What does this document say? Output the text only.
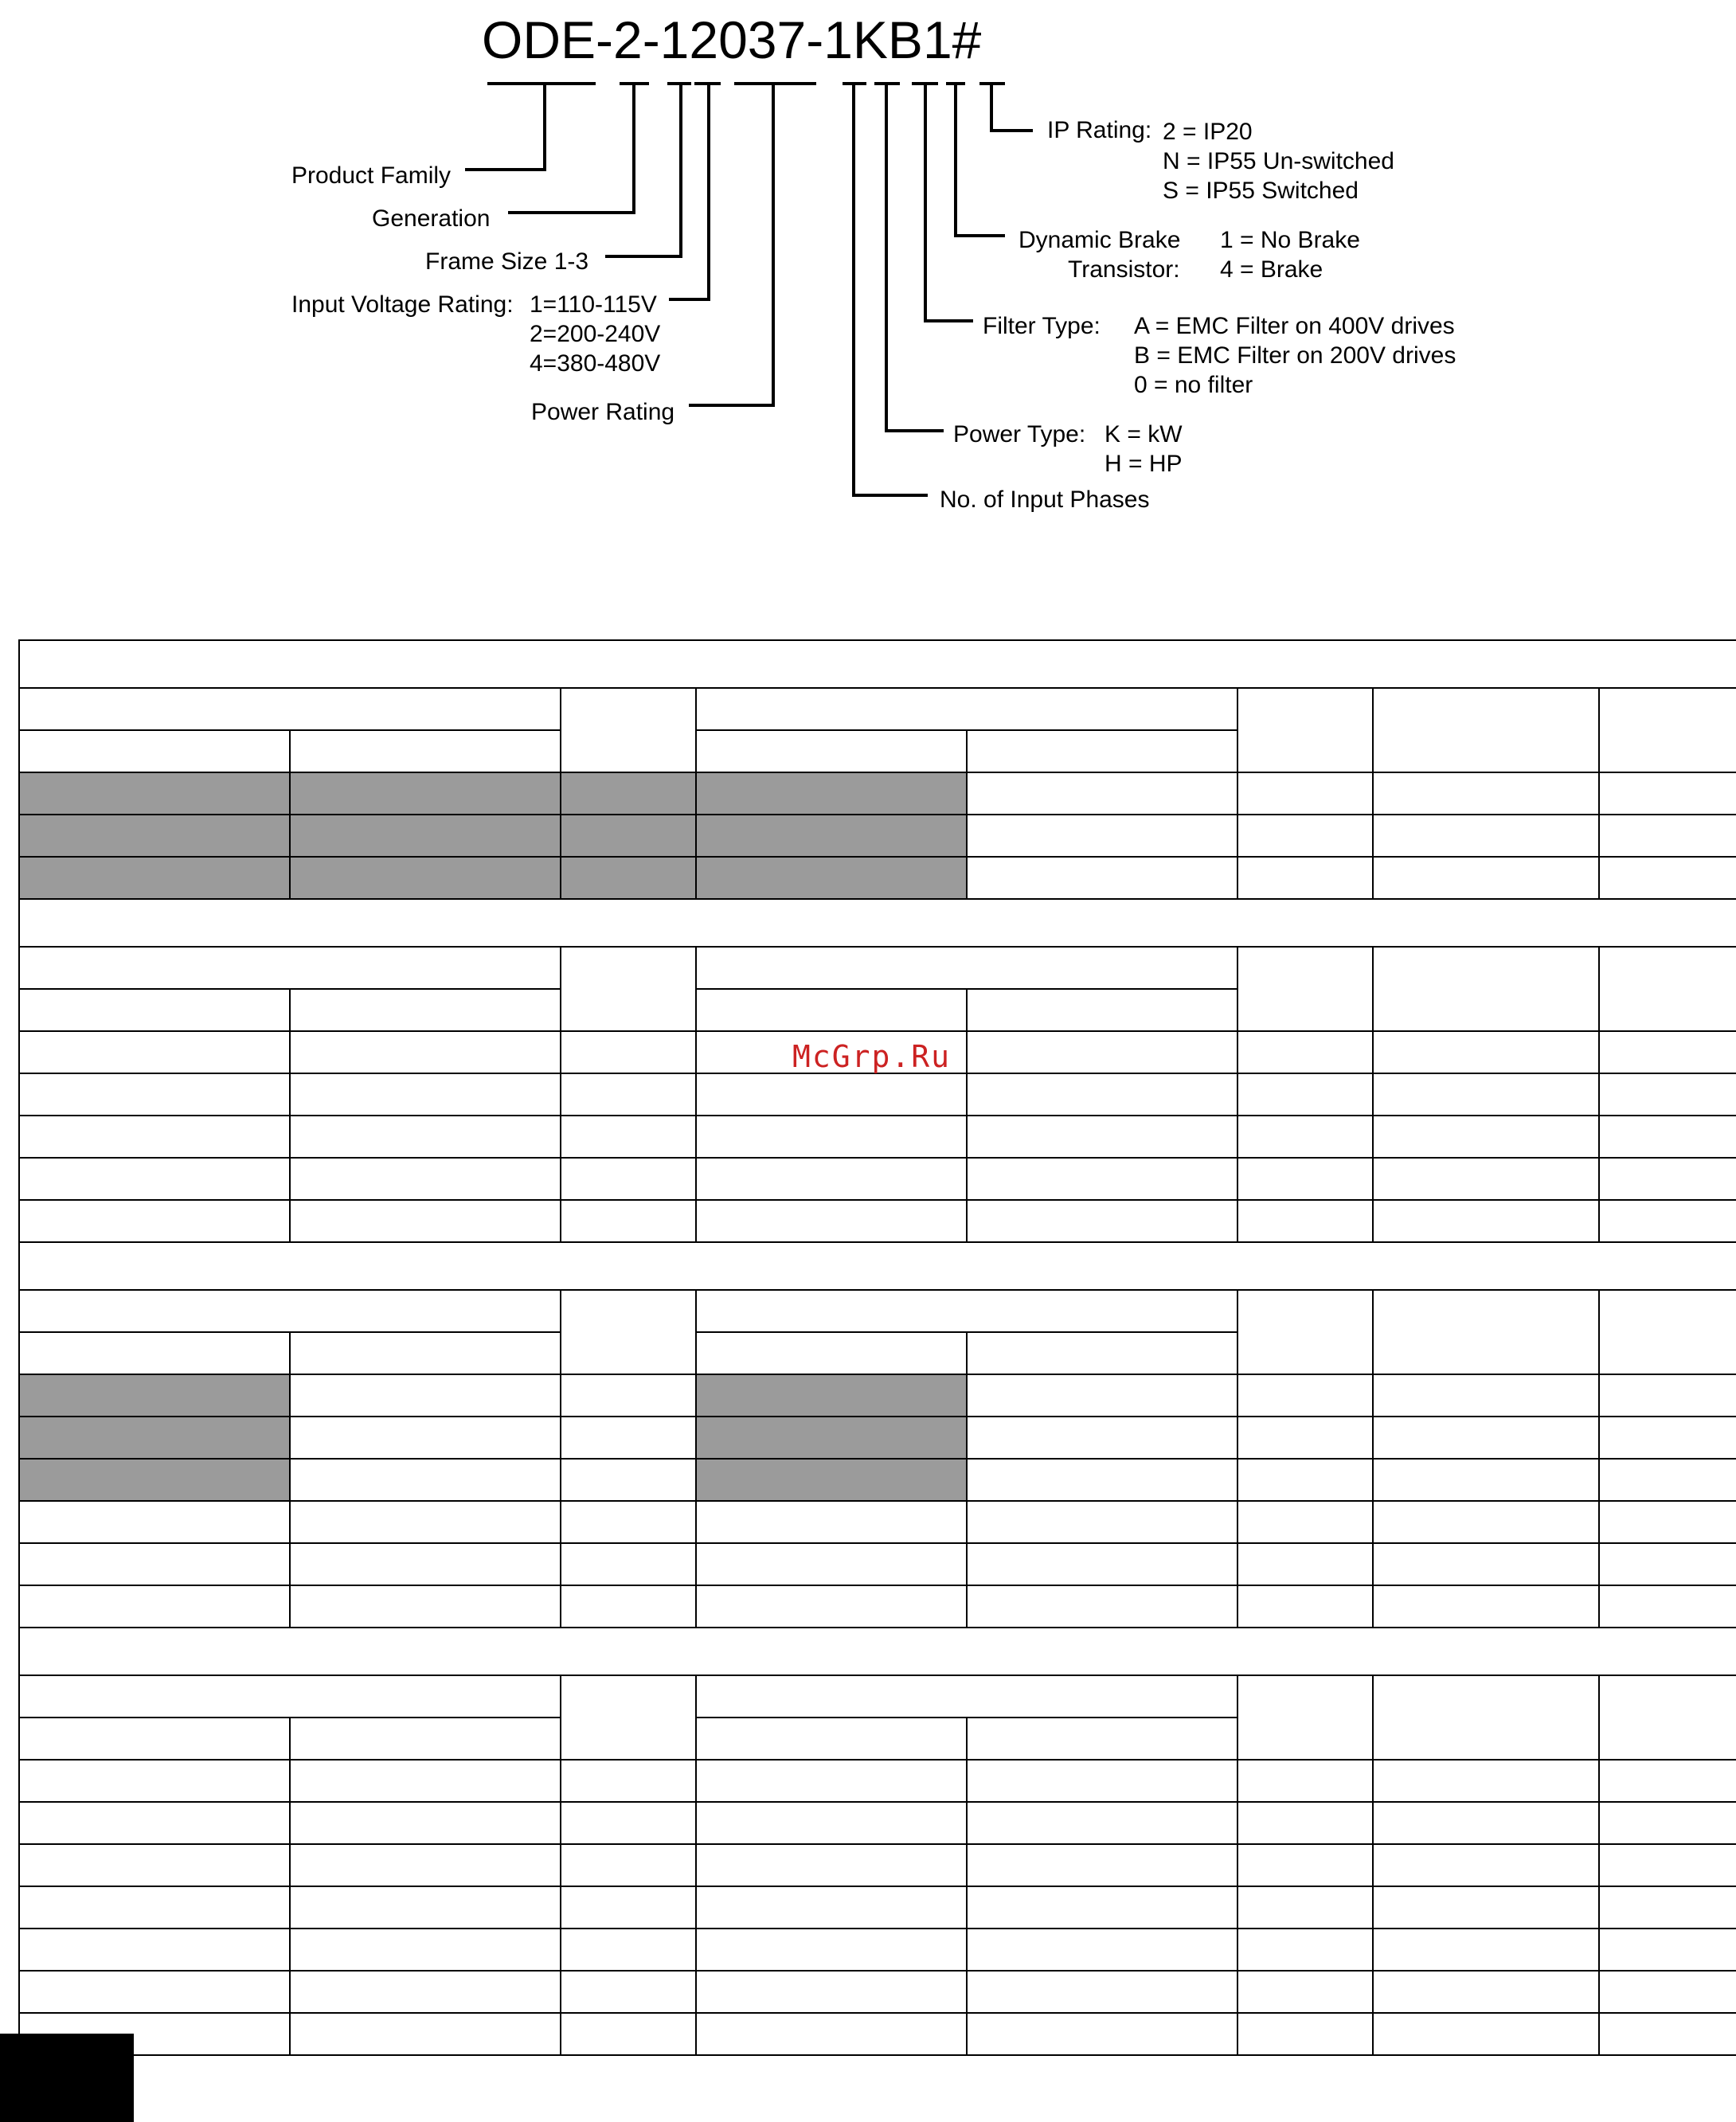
ODE-2-12037-1KB1#
Product Family
Generation
Frame Size 1-3
Input Voltage Rating: 1=110-115V
2=200-240V
4=380-480V
Power Rating
IP Rating: 2 = IP20
N = IP55 Un-switched
S = IP55 Switched
Dynamic Brake
Transistor:
1 = No Brake
4 = Brake
Filter Type: A = EMC Filter on 400V drives
B = EMC Filter on 200V drives
0 = no filter
Power Type: K = kW
H = HP
No. of Input Phases

McGrp.Ru
